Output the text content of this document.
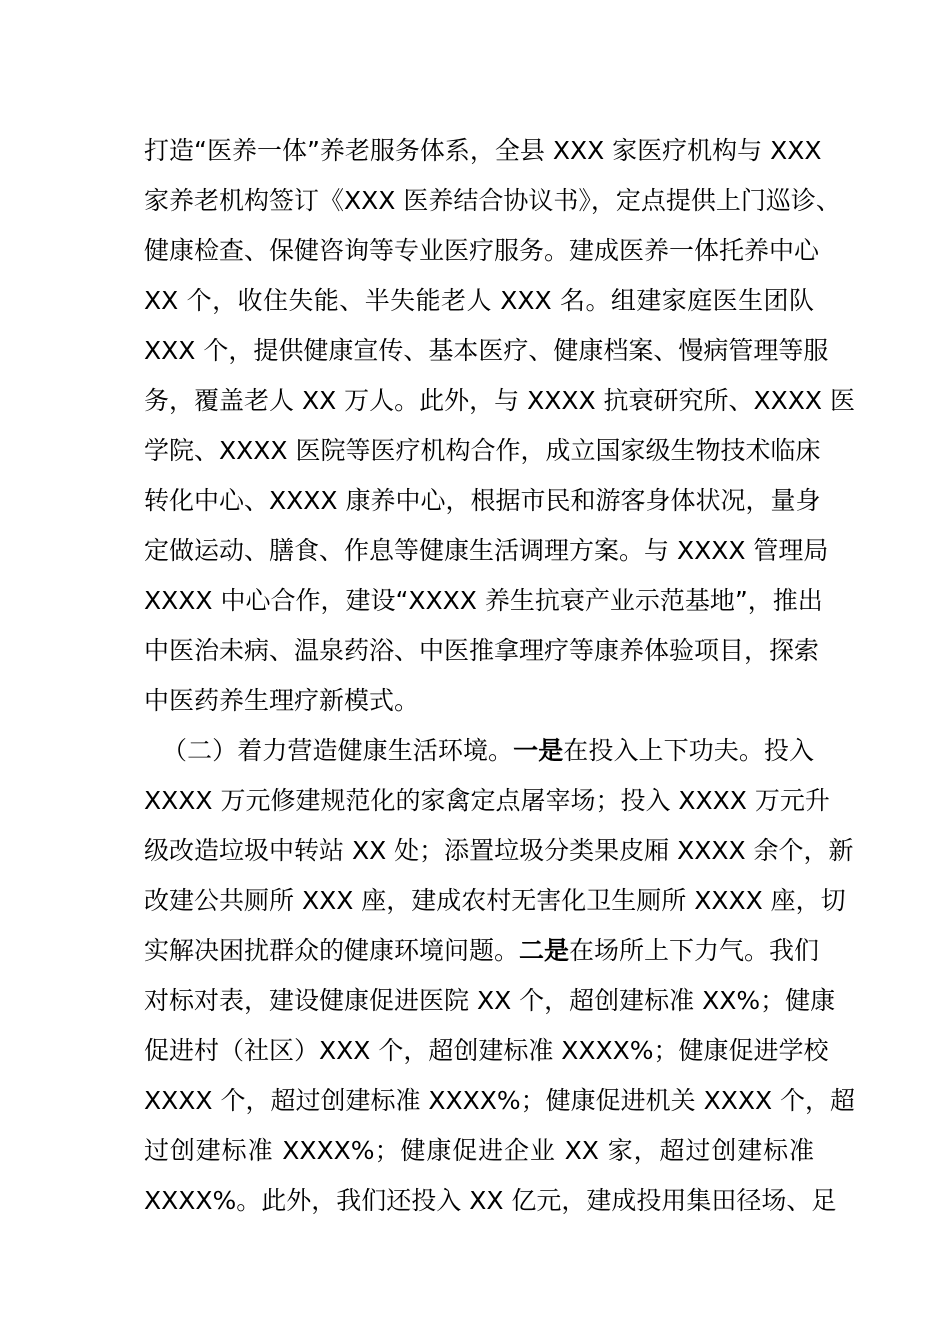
打造“医养一体”养老服务体系，全县 XXX 家医疗机构与 XXX
家养老机构签订《XXX 医养结合协议书》，定点提供上门巡诊、
健康检查、保健咨询等专业医疗服务。建成医养一体托养中心
XX 个，收住失能、半失能老人 XXX 名。组建家庭医生团队
XXX 个，提供健康宣传、基本医疗、健康档案、慢病管理等服
务，覆盖老人 XX 万人。此外，与 XXXX 抗衰研究所、XXXX 医
学院、XXXX 医院等医疗机构合作，成立国家级生物技术临床
转化中心、XXXX 康养中心，根据市民和游客身体状况，量身
定做运动、膳食、作息等健康生活调理方案。与 XXXX 管理局
XXXX 中心合作，建设“XXXX 养生抗衰产业示范基地”，推出
中医治未病、温泉药浴、中医推拿理疗等康养体验项目，探索
中医药养生理疗新模式。
（二）着力营造健康生活环境。一是在投入上下功夫。投入
XXXX 万元修建规范化的家禽定点屠宰场；投入 XXXX 万元升
级改造垃圾中转站 XX 处；添置垃圾分类果皮厢 XXXX 余个，新
改建公共厕所 XXX 座，建成农村无害化卫生厕所 XXXX 座，切
实解决困扰群众的健康环境问题。二是在场所上下力气。我们
对标对表，建设健康促进医院 XX 个，超创建标准 XX%；健康
促进村（社区）XXX 个，超创建标准 XXXX%；健康促进学校
XXXX 个，超过创建标准 XXXX%；健康促进机关 XXXX 个，超
过创建标准 XXXX%；健康促进企业 XX 家，超过创建标准
XXXX%。此外，我们还投入 XX 亿元，建成投用集田径场、足
